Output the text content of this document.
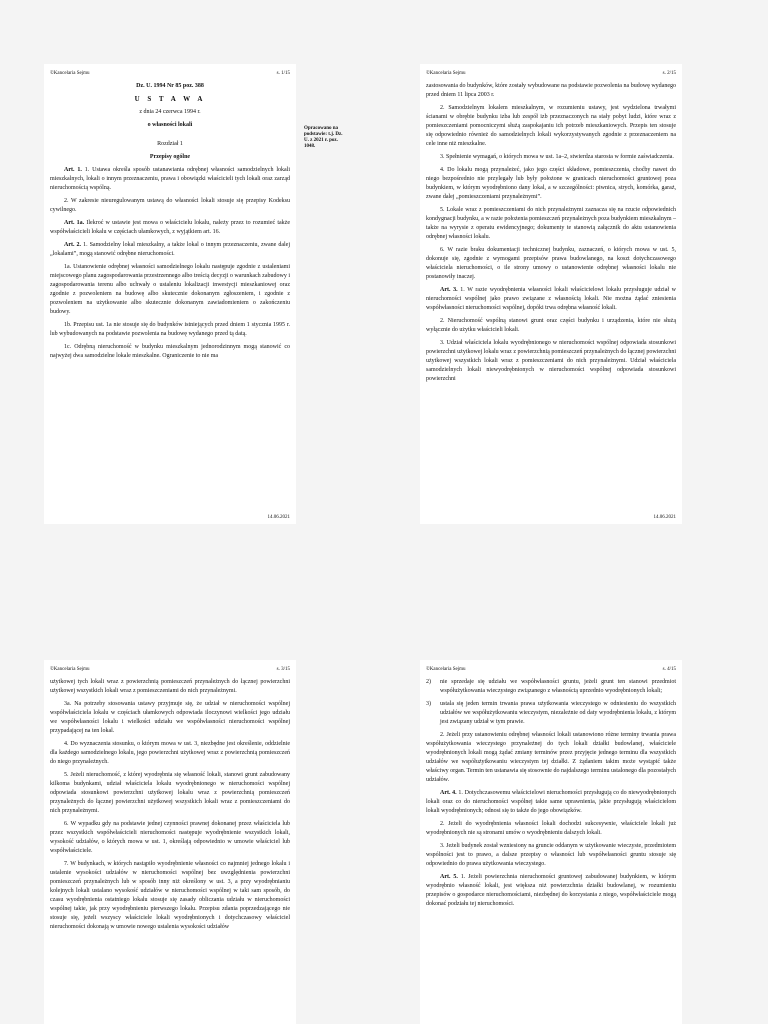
©Kancelaria Sejmu	s. 1/15

Dz. U. 1994 Nr 85 poz. 388

U S T A W A

z dnia 24 czerwca 1994 r.

o własności lokali

Rozdział 1

Przepisy ogólne

Art. 1. 1. Ustawa określa sposób ustanawiania odrębnej własności samodzielnych lokali mieszkalnych, lokali o innym przeznaczeniu, prawa i obowiązki właścicieli tych lokali oraz zarząd nieruchomością wspólną.

2. W zakresie nieuregulowanym ustawą do własności lokali stosuje się przepisy Kodeksu cywilnego.

Art. 1a. Ilekroć w ustawie jest mowa o właścicielu lokalu, należy przez to rozumieć także współwłaścicieli lokalu w częściach ułamkowych, z wyjątkiem art. 16.

Art. 2. 1. Samodzielny lokal mieszkalny, a także lokal o innym przeznaczeniu, zwane dalej „lokalami”, mogą stanowić odrębne nieruchomości.

1a. Ustanowienie odrębnej własności samodzielnego lokalu następuje zgodnie z ustaleniami miejscowego planu zagospodarowania przestrzennego albo treścią decyzji o warunkach zabudowy i zagospodarowania terenu albo uchwały o ustaleniu lokalizacji inwestycji mieszkaniowej oraz zgodnie z pozwoleniem na budowę albo skutecznie dokonanym zgłoszeniem, i zgodnie z pozwoleniem na użytkowanie albo skutecznie dokonanym zawiadomieniem o zakończeniu budowy.

1b. Przepisu ust. 1a nie stosuje się do budynków istniejących przed dniem 1 stycznia 1995 r. lub wybudowanych na podstawie pozwolenia na budowę wydanego przed tą datą.

1c. Odrębną nieruchomość w budynku mieszkalnym jednorodzinnym mogą stanowić co najwyżej dwa samodzielne lokale mieszkalne. Ograniczenie to nie ma

14.06.2021
Opracowano na podstawie: t.j. Dz. U. z 2021 r. poz. 1048.
©Kancelaria Sejmu	s. 2/15

zastosowania do budynków, które zostały wybudowane na podstawie pozwolenia na budowę wydanego przed dniem 11 lipca 2003 r.

2. Samodzielnym lokalem mieszkalnym, w rozumieniu ustawy, jest wydzielona trwałymi ścianami w obrębie budynku izba lub zespół izb przeznaczonych na stały pobyt ludzi, które wraz z pomieszczeniami pomocniczymi służą zaspokajaniu ich potrzeb mieszkaniowych. Przepis ten stosuje się odpowiednio również do samodzielnych lokali wykorzystywanych zgodnie z przeznaczeniem na cele inne niż mieszkalne.

3. Spełnienie wymagań, o których mowa w ust. 1a–2, stwierdza starosta w formie zaświadczenia.

4. Do lokalu mogą przynależeć, jako jego części składowe, pomieszczenia, choćby nawet do niego bezpośrednio nie przylegały lub były położone w granicach nieruchomości gruntowej poza budynkiem, w którym wyodrębniono dany lokal, a w szczególności: piwnica, strych, komórka, garaż, zwane dalej „pomieszczeniami przynależnymi”.

5. Lokale wraz z pomieszczeniami do nich przynależnymi zaznacza się na rzucie odpowiednich kondygnacji budynku, a w razie położenia pomieszczeń przynależnych poza budynkiem mieszkalnym – także na wyrysie z operatu ewidencyjnego; dokumenty te stanowią załącznik do aktu ustanowienia odrębnej własności lokalu.

6. W razie braku dokumentacji technicznej budynku, zaznaczeń, o których mowa w ust. 5, dokonuje się, zgodnie z wymogami przepisów prawa budowlanego, na koszt dotychczasowego właściciela nieruchomości, o ile strony umowy o ustanowienie odrębnej własności lokalu nie postanowiły inaczej.

Art. 3. 1. W razie wyodrębnienia własności lokali właścicielowi lokalu przysługuje udział w nieruchomości wspólnej jako prawo związane z własnością lokali. Nie można żądać zniesienia współwłasności nieruchomości wspólnej, dopóki trwa odrębna własność lokali.

2. Nieruchomość wspólną stanowi grunt oraz części budynku i urządzenia, które nie służą wyłącznie do użytku właścicieli lokali.

3. Udział właściciela lokalu wyodrębnionego w nieruchomości wspólnej odpowiada stosunkowi powierzchni użytkowej lokalu wraz z powierzchnią pomieszczeń przynależnych do łącznej powierzchni użytkowej wszystkich lokali wraz z pomieszczeniami do nich przynależnymi. Udział właściciela samodzielnych lokali niewyodrębnionych w nieruchomości wspólnej odpowiada stosunkowi powierzchni

14.06.2021
©Kancelaria Sejmu	s. 3/15

użytkowej tych lokali wraz z powierzchnią pomieszczeń przynależnych do łącznej powierzchni użytkowej wszystkich lokali wraz z pomieszczeniami do nich przynależnymi.

3a. Na potrzeby stosowania ustawy przyjmuje się, że udział w nieruchomości wspólnej współwłaściciela lokalu w częściach ułamkowych odpowiada iloczynowi wielkości jego udziału we współwłasności lokalu i wielkości udziału we współwłasności nieruchomości wspólnej przypadającej na ten lokal.

4. Do wyznaczenia stosunku, o którym mowa w ust. 3, niezbędne jest określenie, oddzielnie dla każdego samodzielnego lokalu, jego powierzchni użytkowej wraz z powierzchnią pomieszczeń do niego przynależnych.

5. Jeżeli nieruchomość, z której wyodrębnia się własność lokali, stanowi grunt zabudowany kilkoma budynkami, udział właściciela lokalu wyodrębnionego w nieruchomości wspólnej odpowiada stosunkowi powierzchni użytkowej lokalu wraz z powierzchnią pomieszczeń przynależnych do łącznej powierzchni użytkowej wszystkich lokali wraz z pomieszczeniami do nich przynależnymi.

6. W wypadku gdy na podstawie jednej czynności prawnej dokonanej przez właściciela lub przez wszystkich współwłaścicieli nieruchomości następuje wyodrębnienie wszystkich lokali, wysokość udziałów, o których mowa w ust. 1, określają odpowiednio w umowie właściciel lub współwłaściciele.

7. W budynkach, w których nastąpiło wyodrębnienie własności co najmniej jednego lokalu i ustalenie wysokości udziałów w nieruchomości wspólnej bez uwzględnienia powierzchni pomieszczeń przynależnych lub w sposób inny niż określony w ust. 3, a przy wyodrębnianiu kolejnych lokali ustalano wysokość udziałów w nieruchomości wspólnej w taki sam sposób, do czasu wyodrębnienia ostatniego lokalu stosuje się zasady obliczania udziału w nieruchomości wspólnej takie, jak przy wyodrębnieniu pierwszego lokalu. Przepisu zdania poprzedzającego nie stosuje się, jeżeli wszyscy właściciele lokali wyodrębnionych i dotychczasowy właściciel nieruchomości dokonają w umowie nowego ustalenia wysokości udziałów

©Kancelaria Sejmu	s. 4/15
2)	nie sprzedaje się udziału we współwłasności gruntu, jeżeli grunt ten stanowi przedmiot współużytkowania wieczystego związanego z własnością uprzednio wyodrębnionych lokali;
3)	ustala się jeden termin trwania prawa użytkowania wieczystego w odniesieniu do wszystkich udziałów we współużytkowaniu wieczystym, niezależnie od daty wyodrębnienia lokalu, z którym jest związany udział w tym prawie.

2. Jeżeli przy ustanowieniu odrębnej własności lokali ustanowiono różne terminy trwania prawa współużytkowania wieczystego przynależnej do tych lokali działki budowlanej, właściciele wyodrębnionych lokali mogą żądać zmiany terminów przez przyjęcie jednego terminu dla wszystkich udziałów we współużytkowaniu wieczystym tej działki. Z żądaniem takim może wystąpić także właściwy organ. Termin ten ustanawia się stosownie do najdalszego terminu ustalonego dla pozostałych udziałów.

Art. 4. 1. Dotychczasowemu właścicielowi nieruchomości przysługują co do niewyodrębnionych lokali oraz co do nieruchomości wspólnej takie same uprawnienia, jakie przysługują właścicielom lokali wyodrębnionych; odnosi się to także do jego obowiązków.

2. Jeżeli do wyodrębnienia własności lokali dochodzi sukcesywnie, właściciele lokali już wyodrębnionych nie są stronami umów o wyodrębnieniu dalszych lokali.

3. Jeżeli budynek został wzniesiony na gruncie oddanym w użytkowanie wieczyste, przedmiotem wspólności jest to prawo, a dalsze przepisy o własności lub współwłasności gruntu stosuje się odpowiednio do prawa użytkowania wieczystego.

Art. 5. 1. Jeżeli powierzchnia nieruchomości gruntowej zabudowanej budynkiem, w którym wyodrębnio własność lokali, jest większa niż powierzchnia działki budowlanej, w rozumieniu przepisów o gospodarce nieruchomościami, niezbędnej do korzystania z niego, współwłaściciele mogą dokonać podziału tej nieruchomości.
